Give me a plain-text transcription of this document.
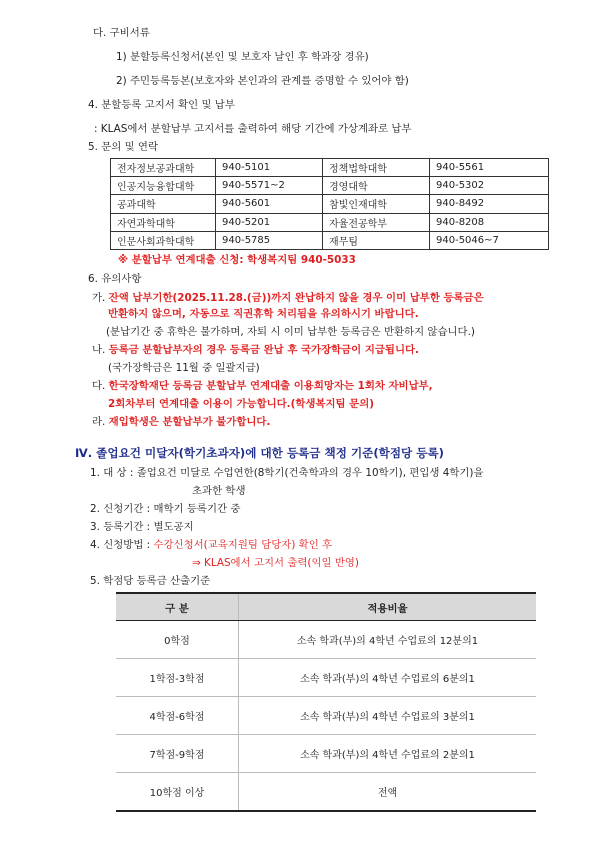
다. 구비서류
1) 분할등록신청서(본인 및 보호자 날인 후 학과장 경유)
2) 주민등록등본(보호자와 본인과의 관계를 증명할 수 있어야 함)
4. 분할등록 고지서 확인 및 납부
: KLAS에서 분할납부 고지서를 출력하여 해당 기간에 가상계좌로 납부
5. 문의 및 연락
전자정보공과대학	940-5101	정책법학대학	940-5561
인공지능융합대학	940-5571~2	경영대학	940-5302
공과대학	940-5601	참빛인재대학	940-8492
자연과학대학	940-5201	자율전공학부	940-8208
인문사회과학대학	940-5785	재무팀	940-5046~7
※ 분할납부 연계대출 신청: 학생복지팀 940-5033
6. 유의사항
가. 잔액 납부기한(2025.11.28.(금))까지 완납하지 않을 경우 이미 납부한 등록금은
반환하지 않으며, 자동으로 직권휴학 처리됨을 유의하시기 바랍니다.
(분납기간 중 휴학은 불가하며, 자퇴 시 이미 납부한 등록금은 반환하지 않습니다.)
나. 등록금 분할납부자의 경우 등록금 완납 후 국가장학금이 지급됩니다.
(국가장학금은 11월 중 일괄지급)
다. 한국장학재단 등록금 분할납부 연계대출 이용희망자는 1회차 자비납부,
2회차부터 연계대출 이용이 가능합니다.(학생복지팀 문의)
라. 재입학생은 분할납부가 불가합니다.
Ⅳ. 졸업요건 미달자(학기초과자)에 대한 등록금 책정 기준(학점당 등록)
1. 대 상 : 졸업요건 미달로 수업연한(8학기(건축학과의 경우 10학기), 편입생 4학기)을
초과한 학생
2. 신청기간 : 매학기 등록기간 중
3. 등록기간 : 별도공지
4. 신청방법 : 수강신청서(교육지원팀 담당자) 확인 후
⇒ KLAS에서 고지서 출력(익일 반영)
5. 학점당 등록금 산출기준
구 분	적용비율
0학점	소속 학과(부)의 4학년 수업료의 12분의1
1학점-3학점	소속 학과(부)의 4학년 수업료의 6분의1
4학점-6학점	소속 학과(부)의 4학년 수업료의 3분의1
7학점-9학점	소속 학과(부)의 4학년 수업료의 2분의1
10학점 이상	전액
